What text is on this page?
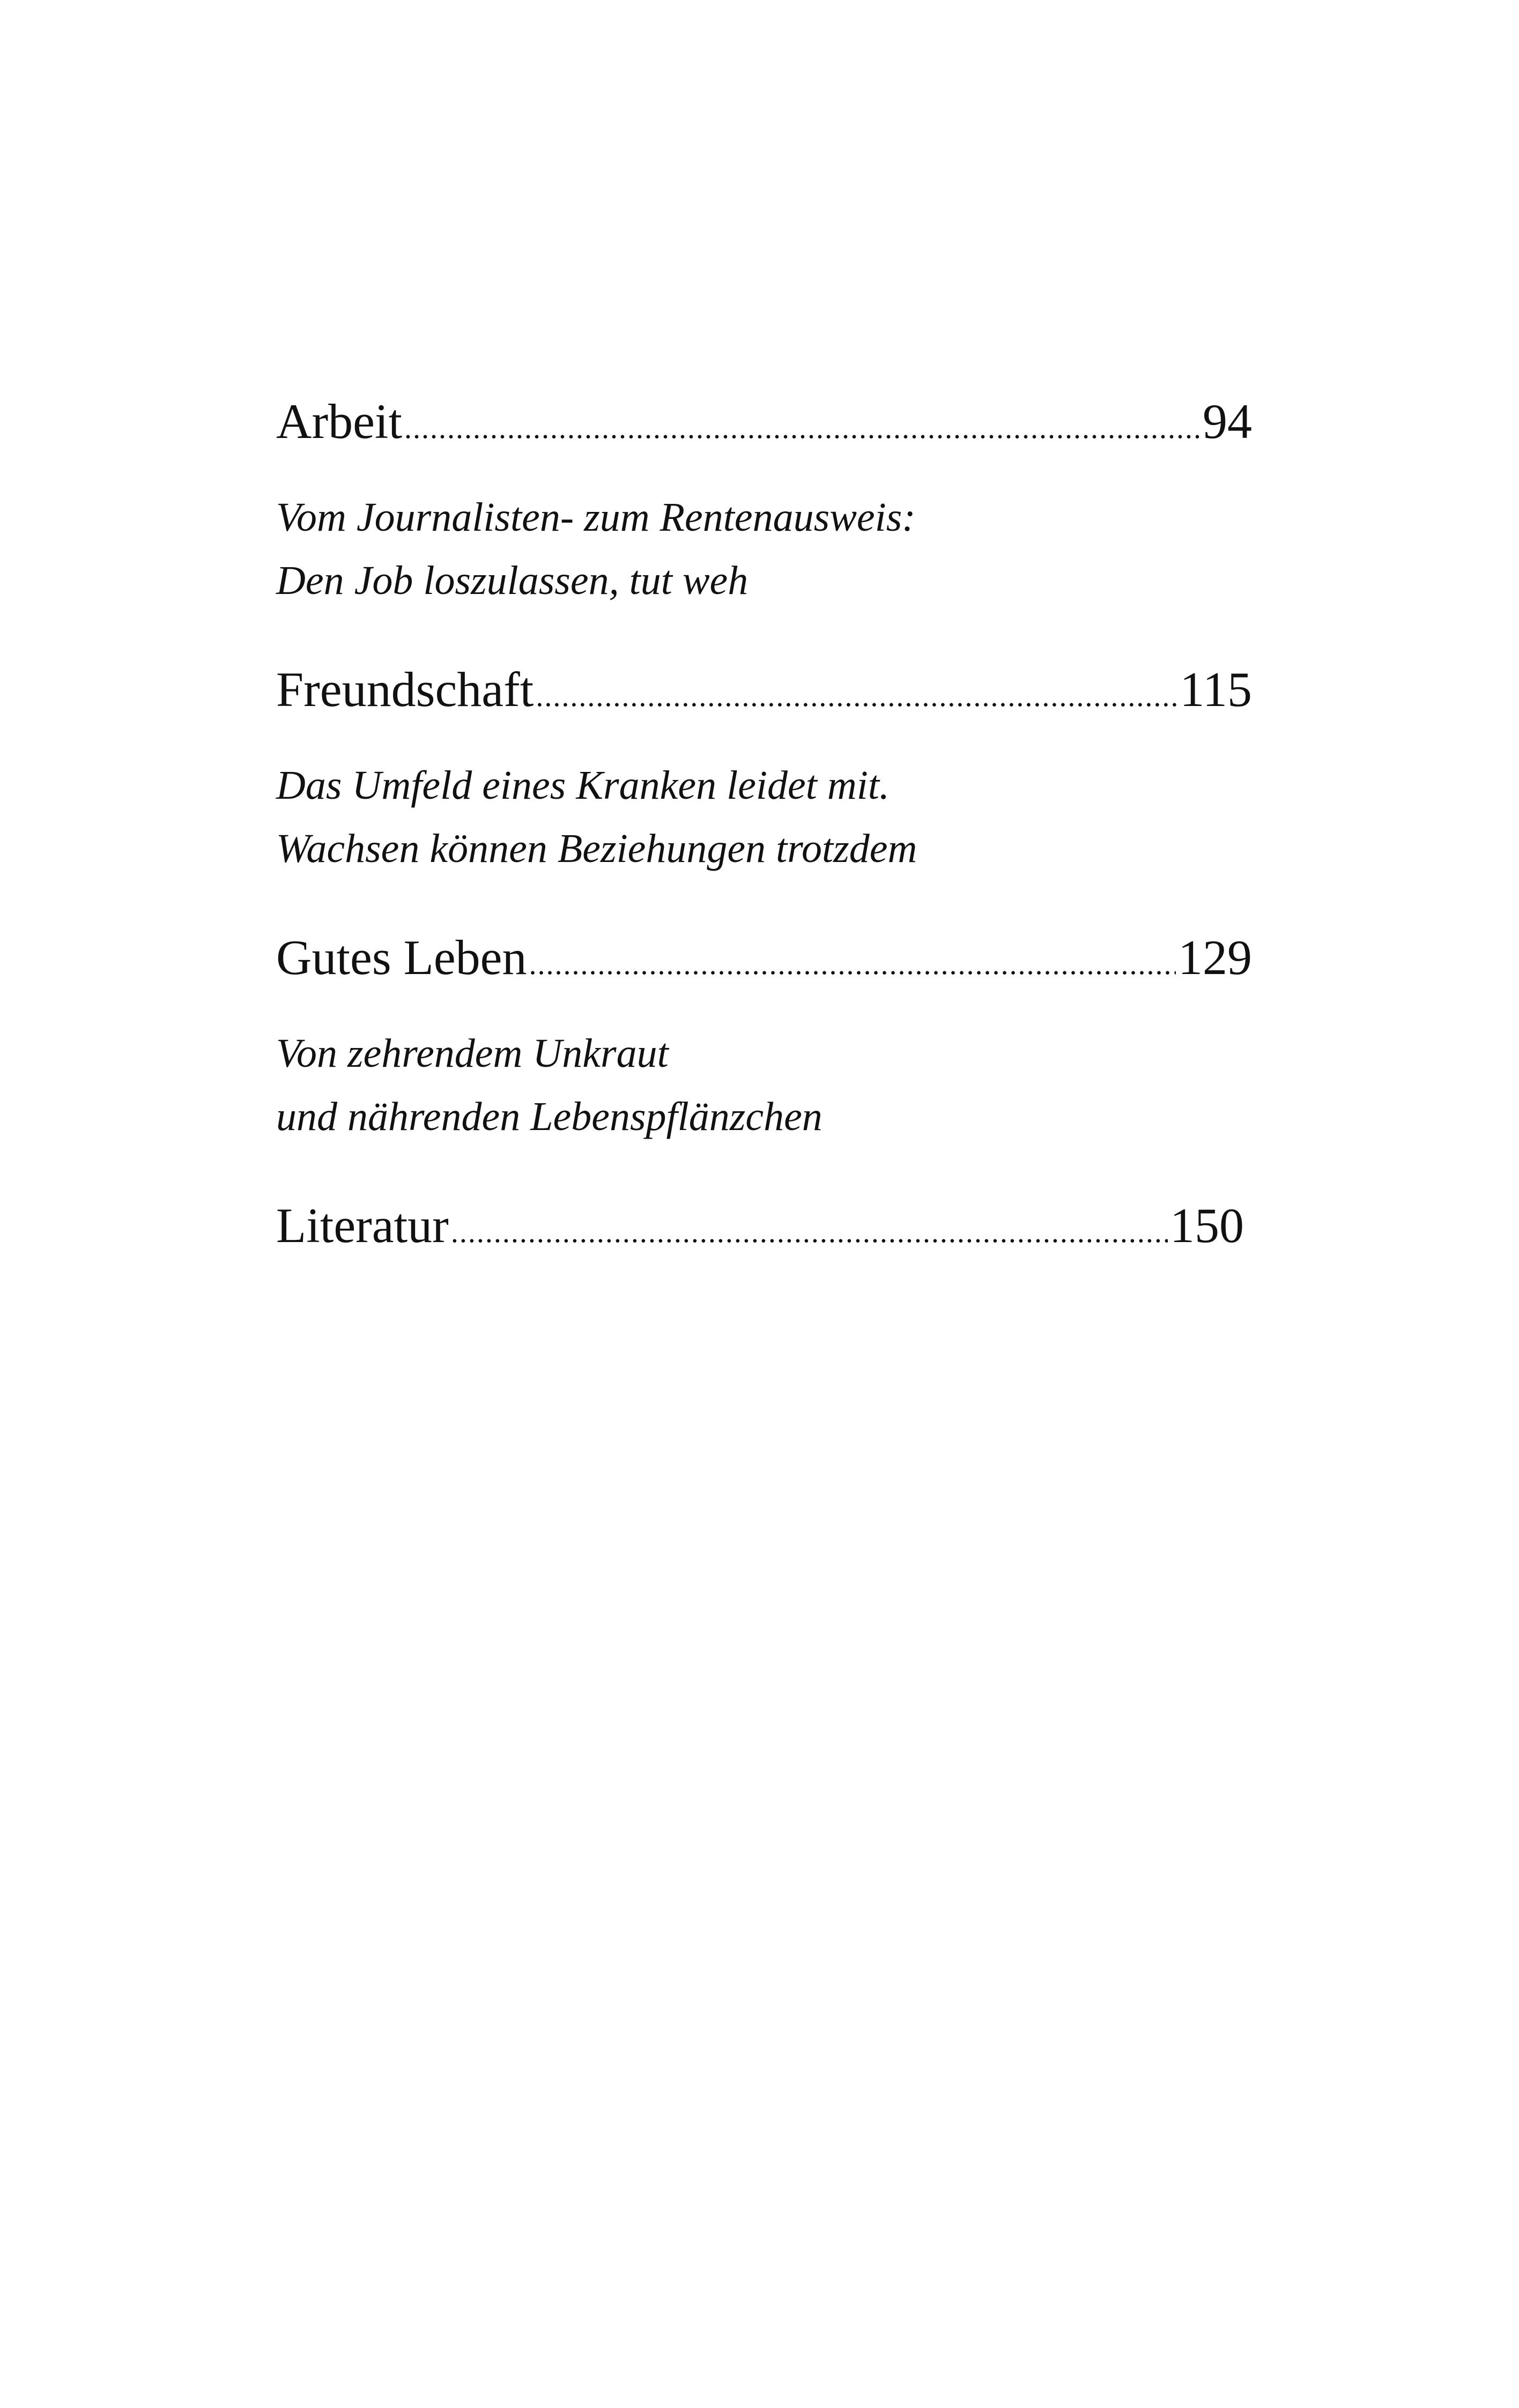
Arbeit .....	94
Vom Journalisten- zum Rentenausweis:
Den Job loszulassen, tut weh
Freundschaft .....	115
Das Umfeld eines Kranken leidet mit.
Wachsen können Beziehungen trotzdem
Gutes Leben .....	129
Von zehrendem Unkraut
und nährenden Lebenspflänzchen
Literatur .....	150
